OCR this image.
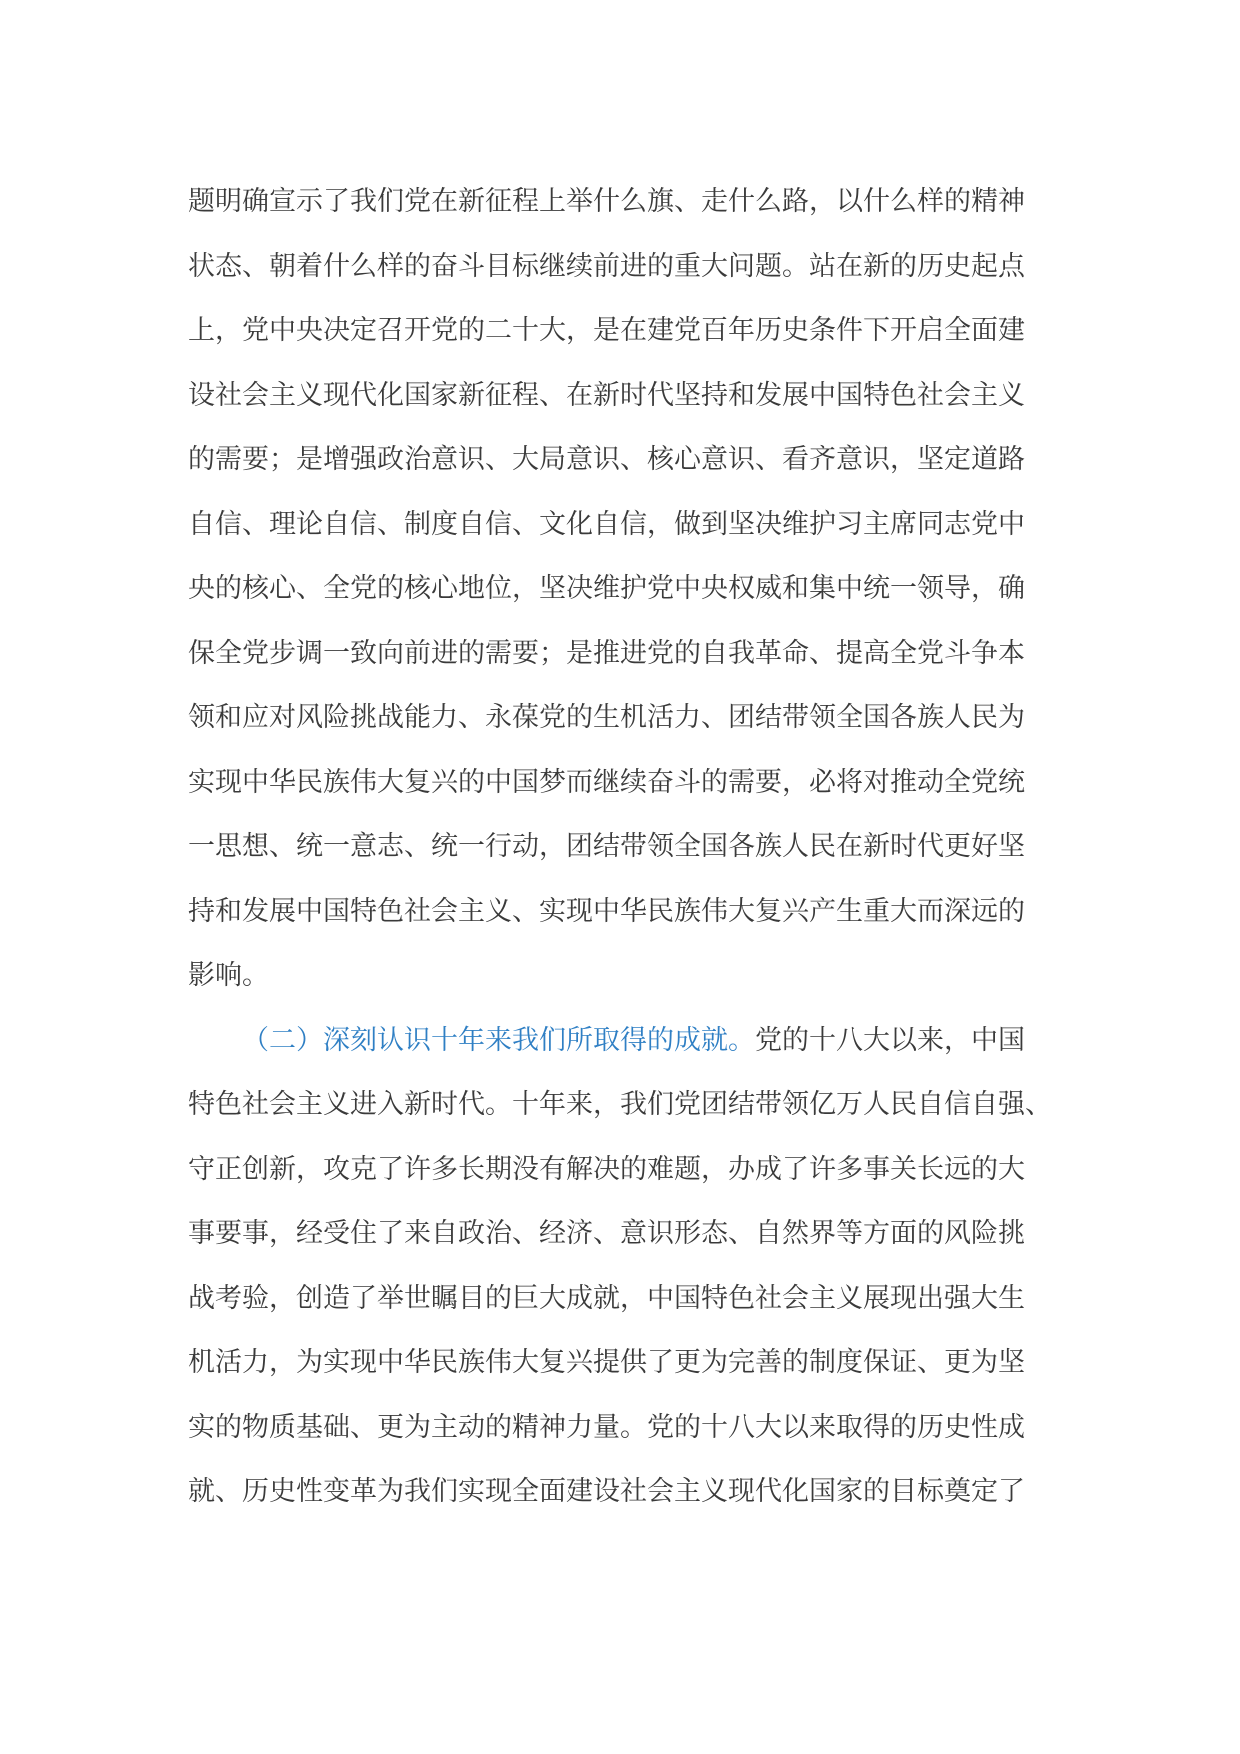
题明确宣示了我们党在新征程上举什么旗、走什么路，以什么样的精神
状态、朝着什么样的奋斗目标继续前进的重大问题。站在新的历史起点
上，党中央决定召开党的二十大，是在建党百年历史条件下开启全面建
设社会主义现代化国家新征程、在新时代坚持和发展中国特色社会主义
的需要；是增强政治意识、大局意识、核心意识、看齐意识，坚定道路
自信、理论自信、制度自信、文化自信，做到坚决维护习主席同志党中
央的核心、全党的核心地位，坚决维护党中央权威和集中统一领导，确
保全党步调一致向前进的需要；是推进党的自我革命、提高全党斗争本
领和应对风险挑战能力、永葆党的生机活力、团结带领全国各族人民为
实现中华民族伟大复兴的中国梦而继续奋斗的需要，必将对推动全党统
一思想、统一意志、统一行动，团结带领全国各族人民在新时代更好坚
持和发展中国特色社会主义、实现中华民族伟大复兴产生重大而深远的
影响。
（二）深刻认识十年来我们所取得的成就。党的十八大以来，中国
特色社会主义进入新时代。十年来，我们党团结带领亿万人民自信自强、
守正创新，攻克了许多长期没有解决的难题，办成了许多事关长远的大
事要事，经受住了来自政治、经济、意识形态、自然界等方面的风险挑
战考验，创造了举世瞩目的巨大成就，中国特色社会主义展现出强大生
机活力，为实现中华民族伟大复兴提供了更为完善的制度保证、更为坚
实的物质基础、更为主动的精神力量。党的十八大以来取得的历史性成
就、历史性变革为我们实现全面建设社会主义现代化国家的目标奠定了
